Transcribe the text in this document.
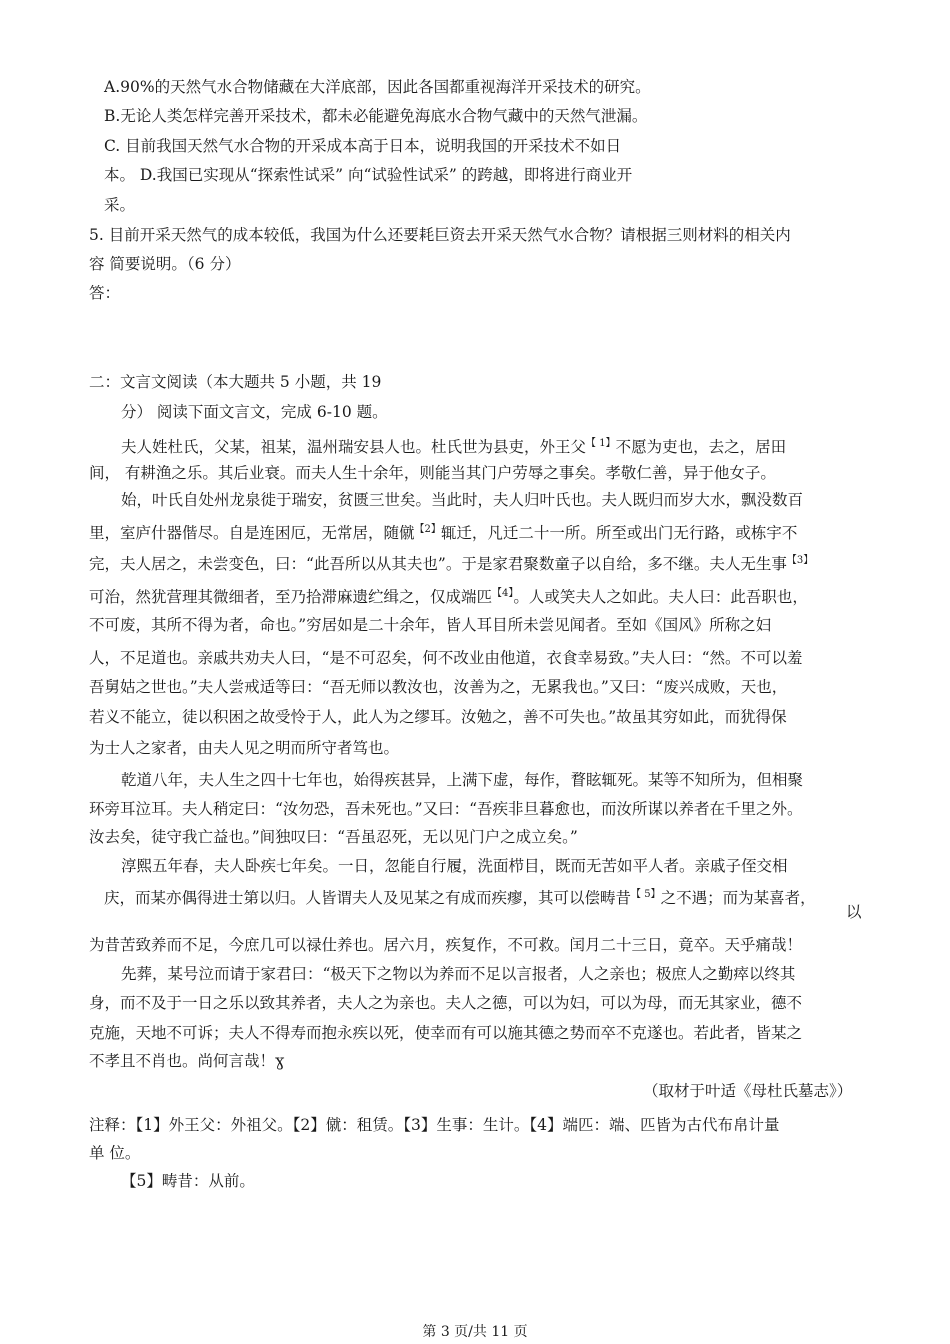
A.90%的天然气水合物储藏在大洋底部，因此各国都重视海洋开采技术的研究。
B.无论人类怎样完善开采技术，都未必能避免海底水合物气藏中的天然气泄漏。
C. 目前我国天然气水合物的开采成本高于日本，说明我国的开采技术不如日
本。 D.我国已实现从“探索性试采” 向“试验性试采” 的跨越，即将进行商业开
采。
5. 目前开采天然气的成本较低，我国为什么还要耗巨资去开采天然气水合物？请根据三则材料的相关内
容 简要说明。（6 分）
答：
二：文言文阅读（本大题共 5 小题，共 19
分） 阅读下面文言文，完成 6-10 题。
夫人姓杜氏，父某，祖某，温州瑞安县人也。杜氏世为县吏，外王父$^{【 1】}$不愿为吏也，去之，居田
间， 有耕渔之乐。其后业衰。而夫人生十余年，则能当其门户劳辱之事矣。孝敬仁善，异于他女子。
始，叶氏自处州龙泉徙于瑞安，贫匮三世矣。当此时，夫人归叶氏也。夫人既归而岁大水，飘没数百
里，室庐什器偕尽。自是连困厄，无常居，随僦$^{【2】}$辄迁，凡迁二十一所。所至或出门无行路，或栋宇不
完，夫人居之，未尝变色，曰：“此吾所以从其夫也”。于是家君聚数童子以自给，多不继。夫人无生事$^{【3】}$
可治，然犹营理其微细者，至乃拾滞麻遗纻缉之，仅成端匹$^{【4】}$。人或笑夫人之如此。夫人曰：此吾职也，
不可废，其所不得为者，命也。”穷居如是二十余年，皆人耳目所未尝见闻者。至如《国风》所称之妇
人，不足道也。亲戚共劝夫人曰，“是不可忍矣，何不改业由他道，衣食幸易致。”夫人曰：“然。不可以羞
吾舅姑之世也。”夫人尝戒适等曰：“吾无师以教汝也，汝善为之，无累我也。”又曰：“废兴成败，天也，
若义不能立，徒以积困之故受怜于人，此人为之缪耳。汝勉之，善不可失也。”故虽其穷如此，而犹得保
为士人之家者，由夫人见之明而所守者笃也。
乾道八年，夫人生之四十七年也，始得疾甚异，上满下虚，每作，瞀眩辄死。某等不知所为，但相聚
环旁耳泣耳。夫人稍定曰：“汝勿恐，吾未死也。”又曰：“吾疾非旦暮愈也，而汝所谋以养者在千里之外。
汝去矣，徒守我亡益也。”间独叹曰：“吾虽忍死，无以见门户之成立矣。”
淳熙五年春，夫人卧疾七年矣。一日，忽能自行履，洗面栉目，既而无苦如平人者。亲戚子侄交相
庆，而某亦偶得进士第以归。人皆谓夫人及见某之有成而疾瘳，其可以偿畴昔$^{【 5】}$之不遇；而为某喜者，
以
为昔苦致养而不足，今庶几可以禄仕养也。居六月，疾复作，不可救。闰月二十三日，竟卒。天乎痛哉！
先葬，某号泣而请于家君曰：“极天下之物以为养而不足以言报者，人之亲也；极庶人之勤瘁以终其
身，而不及于一日之乐以致其养者，夫人之为亲也。夫人之德，可以为妇，可以为母，而无其家业，德不
克施，天地不可诉；夫人不得寿而抱永疾以死，使幸而有可以施其德之势而卒不克遂也。若此者，皆某之
不孝且不肖也。尚何言哉！ɣ
（取材于叶适《母杜氏墓志》）
注释：【1】外王父：外祖父。【2】僦：租赁。【3】生事：生计。【4】端匹：端、匹皆为古代布帛计量
单 位。
【5】畴昔：从前。
第 3 页/共 11 页
